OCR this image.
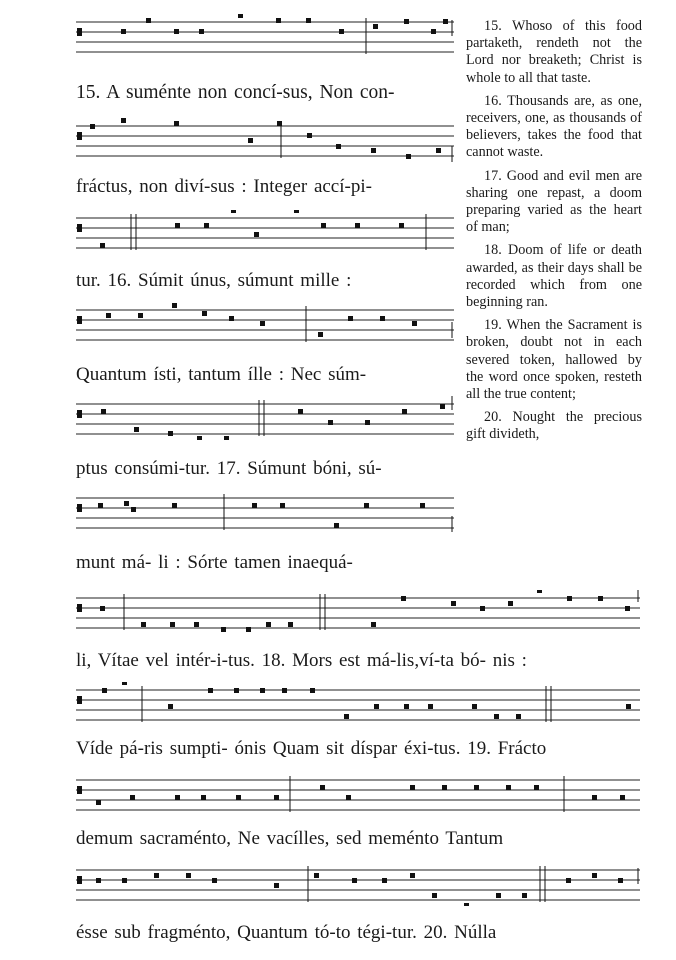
15. A suménte non concí-sus, Non con-
fráctus, non diví-sus : Integer accí-pi-
tur. 16. Súmit únus, súmunt mille :
Quantum ísti, tantum ílle : Nec súm-
ptus consúmi-tur. 17. Súmunt bóni, sú-
munt má- li : Sórte tamen inaequá-
li, Vítae vel intér-i-tus. 18. Mors est má-lis,ví-ta bó- nis :
Víde pá-ris sumpti- ónis Quam sit díspar éxi-tus. 19. Frácto
demum sacraménto, Ne vacílles, sed meménto Tantum
ésse sub fragménto, Quantum tó-to tégi-tur. 20. Núlla

15. Whoso of this food partaketh, rendeth not the Lord nor breaketh; Christ is whole to all that taste.

16. Thousands are, as one, receivers, one, as thousands of believers, takes the food that cannot waste.

17. Good and evil men are sharing one repast, a doom preparing varied as the heart of man;

18. Doom of life or death awarded, as their days shall be recorded which from one beginning ran.

19. When the Sacrament is broken, doubt not in each severed token, hallowed by the word once spoken, resteth all the true content;

20. Nought the precious gift divideth,
